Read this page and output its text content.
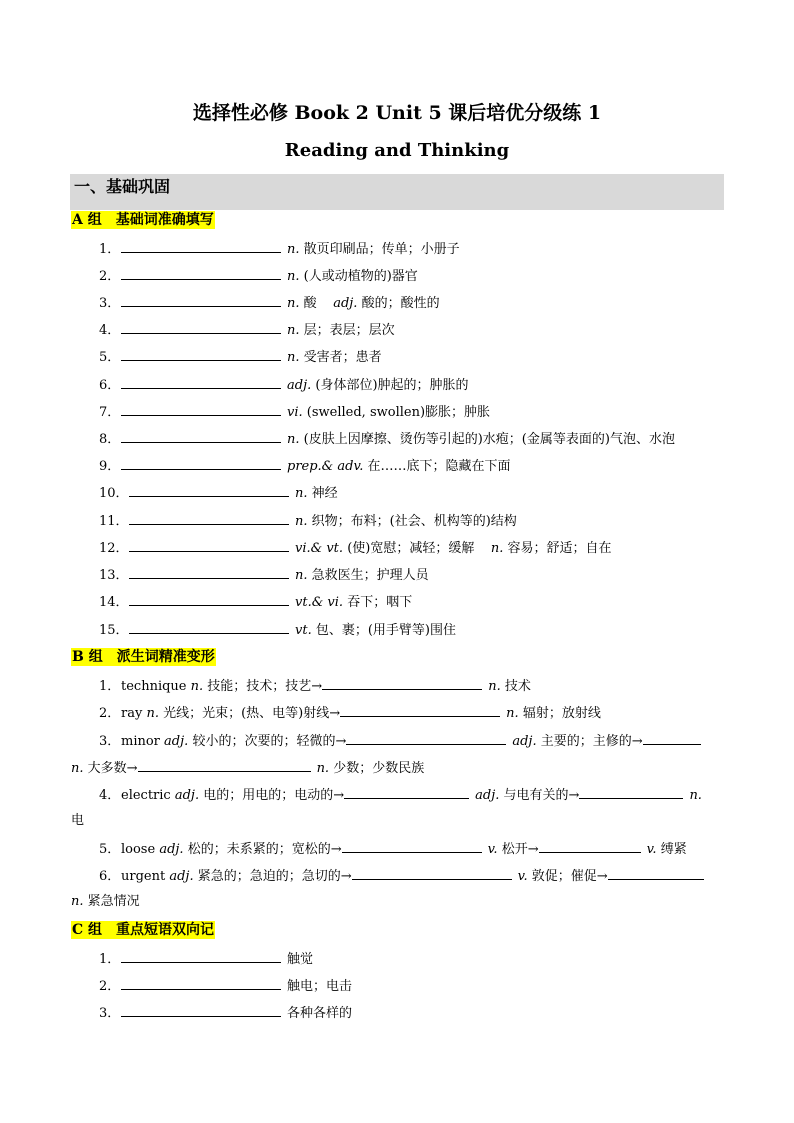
选择性必修 Book 2 Unit 5 课后培优分级练 1
Reading and Thinking
一、基础巩固
A 组 基础词准确填写
1．	n. 散页印刷品；传单；小册子
2．	n. (人或动植物的)器官
3．	n. 酸 adj. 酸的；酸性的
4．	n. 层；表层；层次
5．	n. 受害者；患者
6．	adj. (身体部位)肿起的；肿胀的
7．	vi. (swelled, swollen)膨胀；肿胀
8．	n. (皮肤上因摩擦、烫伤等引起的)水疱；(金属等表面的)气泡、水泡
9．	prep.& adv. 在……底下；隐藏在下面
10．	n. 神经
11．	n. 织物；布料；(社会、机构等的)结构
12．	vi.& vt. (使)宽慰；减轻；缓解 n. 容易；舒适；自在
13．	n. 急救医生；护理人员
14．	vt.& vi. 吞下；咽下
15．	vt. 包、裹；(用手臂等)围住
B 组 派生词精准变形
1．technique n. 技能；技术；技艺→	n. 技术
2．ray n. 光线；光束；(热、电等)射线→	n. 辐射；放射线
3．minor adj. 较小的；次要的；轻微的→	adj. 主要的；主修的→
n. 大多数→	n. 少数；少数民族
4．electric adj. 电的；用电的；电动的→	adj. 与电有关的→	n.
电
5．loose adj. 松的；未系紧的；宽松的→	v. 松开→	v. 缚紧
6．urgent adj. 紧急的；急迫的；急切的→	v. 敦促；催促→
n. 紧急情况
C 组 重点短语双向记
1．	触觉
2．	触电；电击
3．	各种各样的
